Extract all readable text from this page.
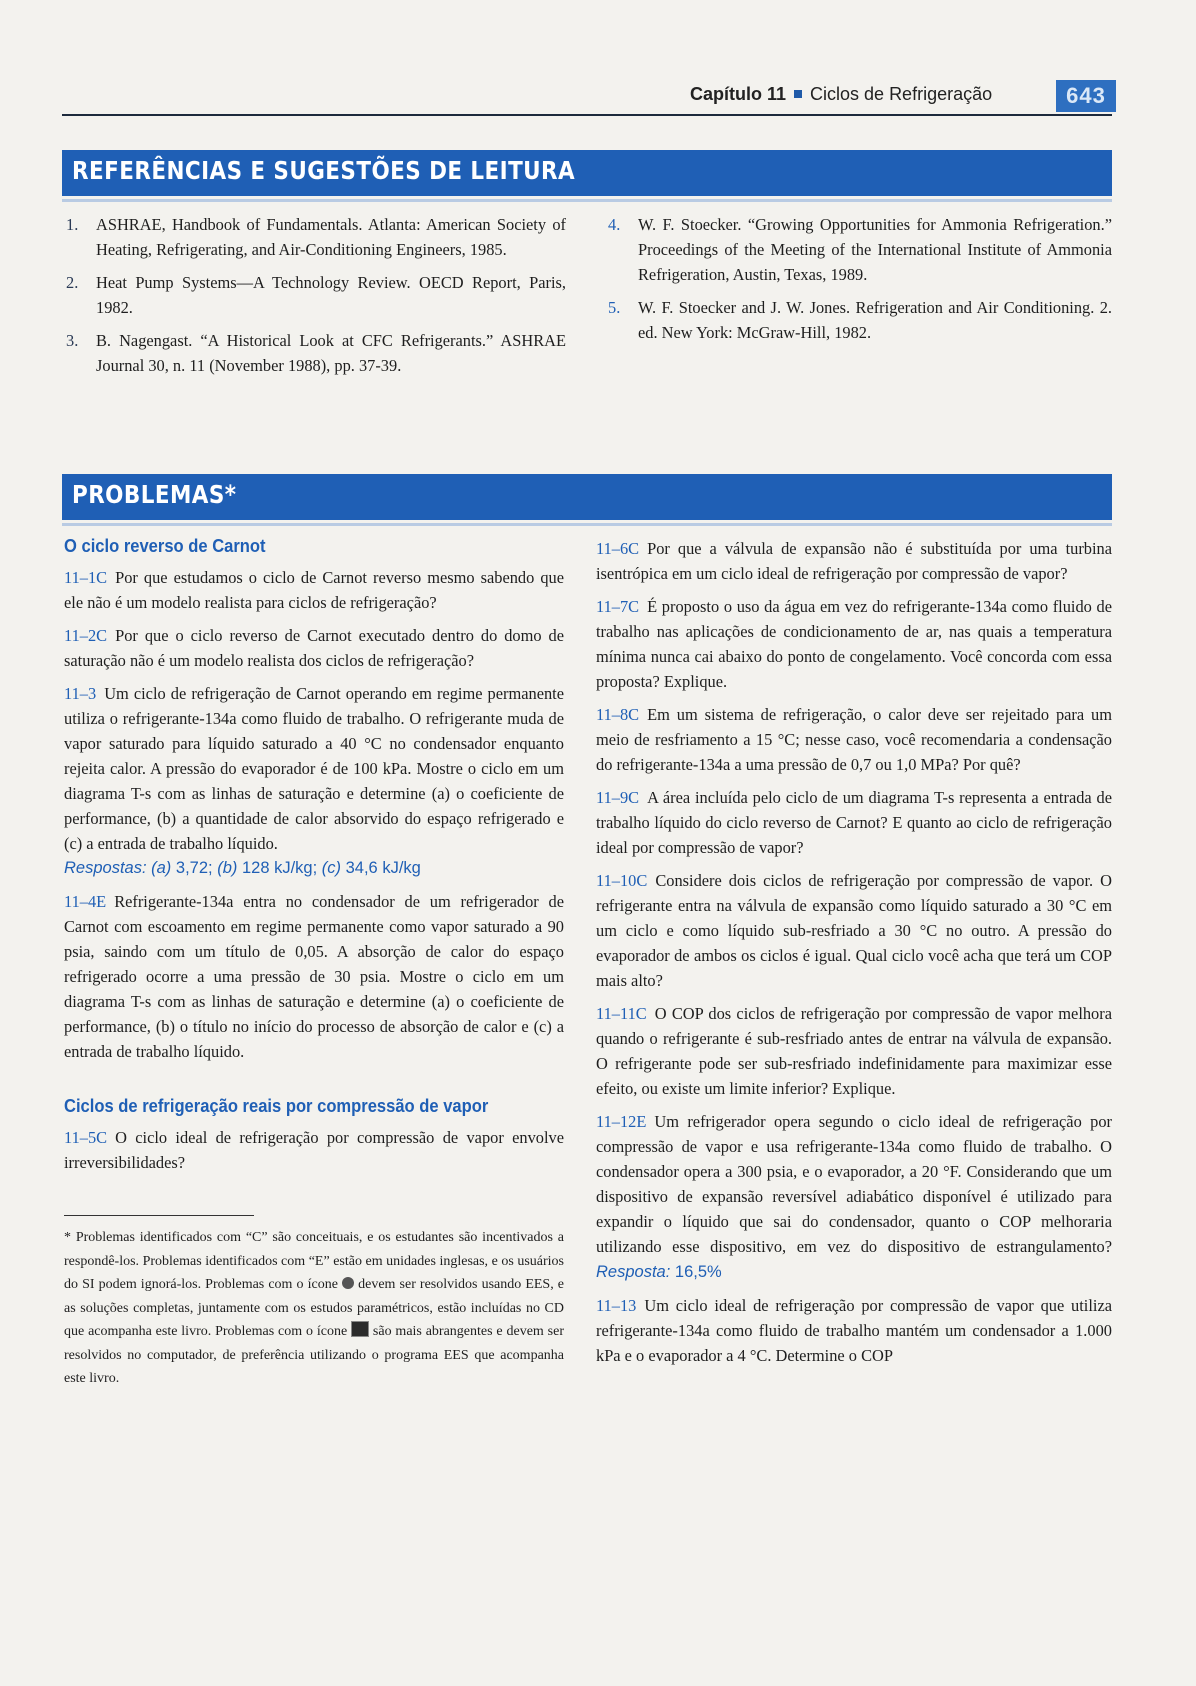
Capítulo 11 Ciclos de Refrigeração	643
REFERÊNCIAS E SUGESTÕES DE LEITURA
1. ASHRAE, Handbook of Fundamentals. Atlanta: American Society of Heating, Refrigerating, and Air-Conditioning Engineers, 1985.
2. Heat Pump Systems—A Technology Review. OECD Report, Paris, 1982.
3. B. Nagengast. “A Historical Look at CFC Refrigerants.” ASHRAE Journal 30, n. 11 (November 1988), pp. 37-39.
4. W. F. Stoecker. “Growing Opportunities for Ammonia Refrigeration.” Proceedings of the Meeting of the International Institute of Ammonia Refrigeration, Austin, Texas, 1989.
5. W. F. Stoecker and J. W. Jones. Refrigeration and Air Conditioning. 2. ed. New York: McGraw-Hill, 1982.
PROBLEMAS*
O ciclo reverso de Carnot

11–1C Por que estudamos o ciclo de Carnot reverso mesmo sabendo que ele não é um modelo realista para ciclos de refrigeração?

11–2C Por que o ciclo reverso de Carnot executado dentro do domo de saturação não é um modelo realista dos ciclos de refrigeração?

11–3 Um ciclo de refrigeração de Carnot operando em regime permanente utiliza o refrigerante-134a como fluido de trabalho. O refrigerante muda de vapor saturado para líquido saturado a 40 °C no condensador enquanto rejeita calor. A pressão do evaporador é de 100 kPa. Mostre o ciclo em um diagrama T-s com as linhas de saturação e determine (a) o coeficiente de performance, (b) a quantidade de calor absorvido do espaço refrigerado e (c) a entrada de trabalho líquido.

Respostas: (a) 3,72; (b) 128 kJ/kg; (c) 34,6 kJ/kg

11–4E Refrigerante-134a entra no condensador de um refrigerador de Carnot com escoamento em regime permanente como vapor saturado a 90 psia, saindo com um título de 0,05. A absorção de calor do espaço refrigerado ocorre a uma pressão de 30 psia. Mostre o ciclo em um diagrama T-s com as linhas de saturação e determine (a) o coeficiente de performance, (b) o título no início do processo de absorção de calor e (c) a entrada de trabalho líquido.

Ciclos de refrigeração reais por compressão de vapor

11–5C O ciclo ideal de refrigeração por compressão de vapor envolve irreversibilidades?

* Problemas identificados com “C” são conceituais, e os estudantes são incentivados a respondê-los. Problemas identificados com “E” estão em unidades inglesas, e os usuários do SI podem ignorá-los. Problemas com o ícone devem ser resolvidos usando EES, e as soluções completas, juntamente com os estudos paramétricos, estão incluídas no CD que acompanha este livro. Problemas com o ícone são mais abrangentes e devem ser resolvidos no computador, de preferência utilizando o programa EES que acompanha este livro.

11–6C Por que a válvula de expansão não é substituída por uma turbina isentrópica em um ciclo ideal de refrigeração por compressão de vapor?

11–7C É proposto o uso da água em vez do refrigerante-134a como fluido de trabalho nas aplicações de condicionamento de ar, nas quais a temperatura mínima nunca cai abaixo do ponto de congelamento. Você concorda com essa proposta? Explique.

11–8C Em um sistema de refrigeração, o calor deve ser rejeitado para um meio de resfriamento a 15 °C; nesse caso, você recomendaria a condensação do refrigerante-134a a uma pressão de 0,7 ou 1,0 MPa? Por quê?

11–9C A área incluída pelo ciclo de um diagrama T-s representa a entrada de trabalho líquido do ciclo reverso de Carnot? E quanto ao ciclo de refrigeração ideal por compressão de vapor?

11–10C Considere dois ciclos de refrigeração por compressão de vapor. O refrigerante entra na válvula de expansão como líquido saturado a 30 °C em um ciclo e como líquido sub-resfriado a 30 °C no outro. A pressão do evaporador de ambos os ciclos é igual. Qual ciclo você acha que terá um COP mais alto?

11–11C O COP dos ciclos de refrigeração por compressão de vapor melhora quando o refrigerante é sub-resfriado antes de entrar na válvula de expansão. O refrigerante pode ser sub-resfriado indefinidamente para maximizar esse efeito, ou existe um limite inferior? Explique.

11–12E Um refrigerador opera segundo o ciclo ideal de refrigeração por compressão de vapor e usa refrigerante-134a como fluido de trabalho. O condensador opera a 300 psia, e o evaporador, a 20 °F. Considerando que um dispositivo de expansão reversível adiabático disponível é utilizado para expandir o líquido que sai do condensador, quanto o COP melhoraria utilizando esse dispositivo, em vez do dispositivo de estrangulamento? Resposta: 16,5%

11–13 Um ciclo ideal de refrigeração por compressão de vapor que utiliza refrigerante-134a como fluido de trabalho mantém um condensador a 1.000 kPa e o evaporador a 4 °C. Determine o COP
